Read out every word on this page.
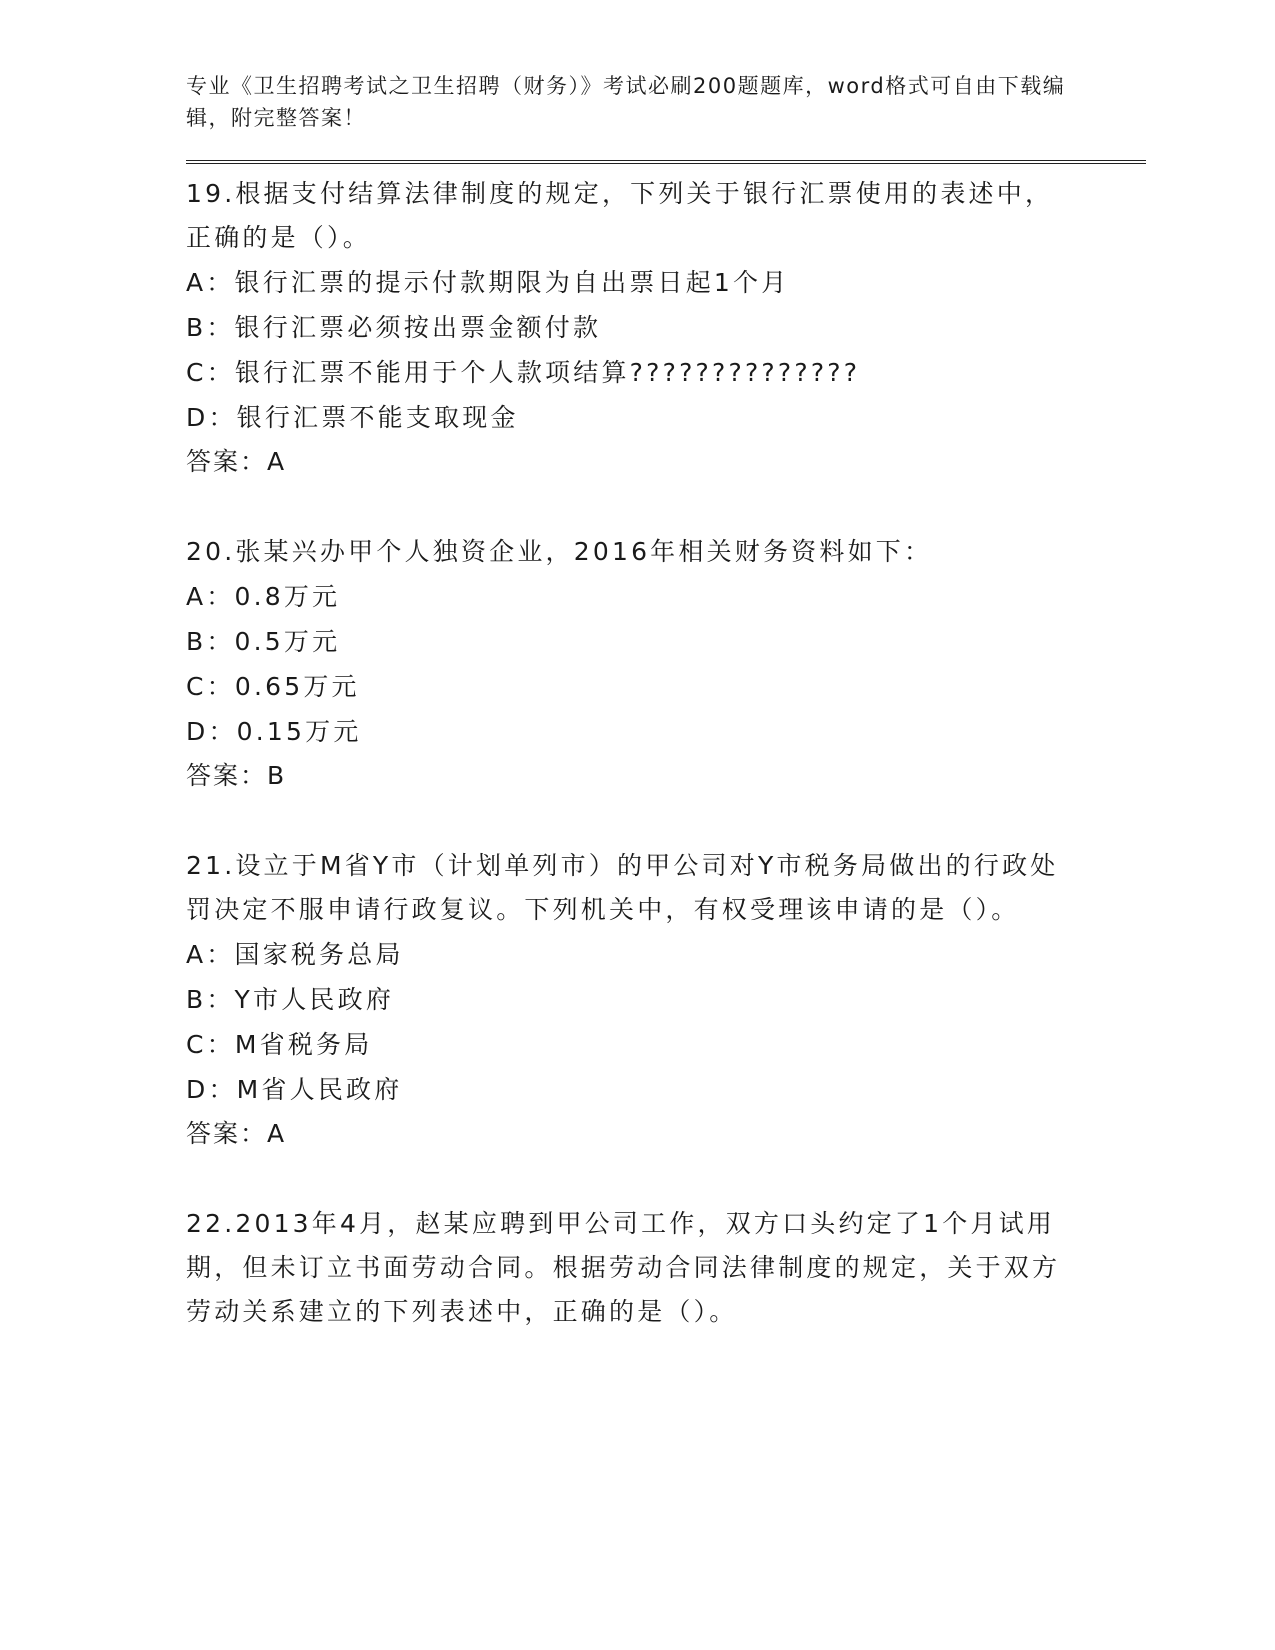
专业《卫生招聘考试之卫生招聘（财务）》考试必刷200题题库，word格式可自由下载编辑，附完整答案！

19.根据支付结算法律制度的规定，下列关于银行汇票使用的表述中，正确的是（）。

A：银行汇票的提示付款期限为自出票日起1个月

B：银行汇票必须按出票金额付款

C：银行汇票不能用于个人款项结算??????????????

D：银行汇票不能支取现金

答案：A

20.张某兴办甲个人独资企业，2016年相关财务资料如下：

A：0.8万元

B：0.5万元

C：0.65万元

D：0.15万元

答案：B

21.设立于M省Y市（计划单列市）的甲公司对Y市税务局做出的行政处罚决定不服申请行政复议。下列机关中，有权受理该申请的是（）。

A：国家税务总局

B：Y市人民政府

C：M省税务局

D：M省人民政府

答案：A

22.2013年4月，赵某应聘到甲公司工作，双方口头约定了1个月试用期，但未订立书面劳动合同。根据劳动合同法律制度的规定，关于双方劳动关系建立的下列表述中，正确的是（）。
